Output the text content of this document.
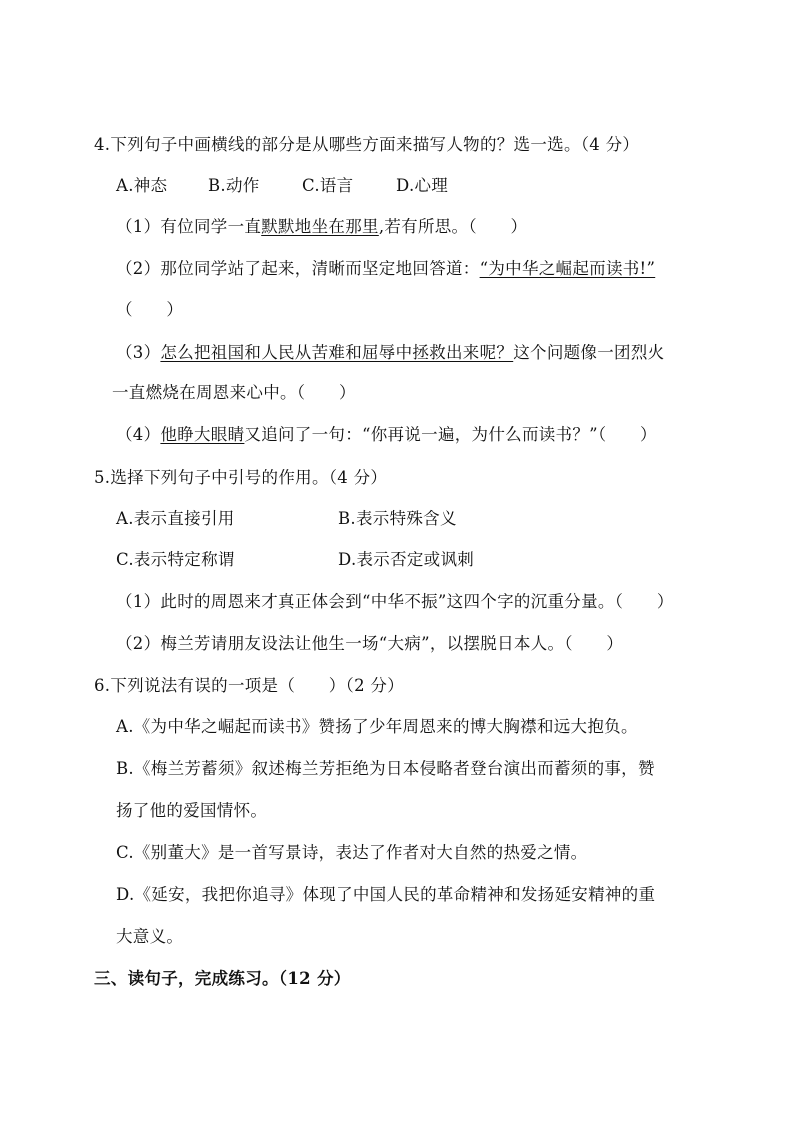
4.下列句子中画横线的部分是从哪些方面来描写人物的？选一选。（4 分）
A.神态 B.动作	C.语言	D.心理
（1）有位同学一直默默地坐在那里,若有所思。（　　）
（2）那位同学站了起来，清晰而坚定地回答道：“为中华之崛起而读书!”
（　　）
（3）怎么把祖国和人民从苦难和屈辱中拯救出来呢？这个问题像一团烈火
一直燃烧在周恩来心中。（　　）
（4）他睁大眼睛又追问了一句：“你再说一遍，为什么而读书？”（　　）
5.选择下列句子中引号的作用。（4 分）
A.表示直接引用	B.表示特殊含义
C.表示特定称谓	D.表示否定或讽刺
（1）此时的周恩来才真正体会到“中华不振”这四个字的沉重分量。（　　）
（2）梅兰芳请朋友设法让他生一场“大病”，以摆脱日本人。（　　）
6.下列说法有误的一项是（　　）（2 分）
A.《为中华之崛起而读书》赞扬了少年周恩来的博大胸襟和远大抱负。
B.《梅兰芳蓄须》叙述梅兰芳拒绝为日本侵略者登台演出而蓄须的事，赞
扬了他的爱国情怀。
C.《别董大》是一首写景诗，表达了作者对大自然的热爱之情。
D.《延安，我把你追寻》体现了中国人民的革命精神和发扬延安精神的重
大意义。
三、读句子，完成练习。（12 分）
